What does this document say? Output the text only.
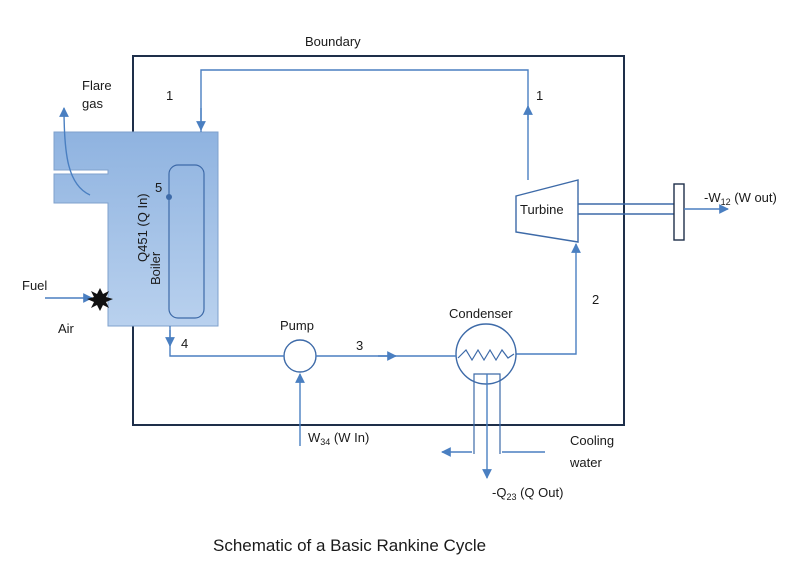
Boundary
5
Q451 (Q In)
Boiler
Flare
gas
Fuel
Air
1	1
Turbine
$-W_{12}$ (W out)
2
Condenser
Cooling
water
$-Q_{23}$ (Q Out)
Pump
$W_{34}$ (W In)
3
4
Schematic of a Basic Rankine Cycle
